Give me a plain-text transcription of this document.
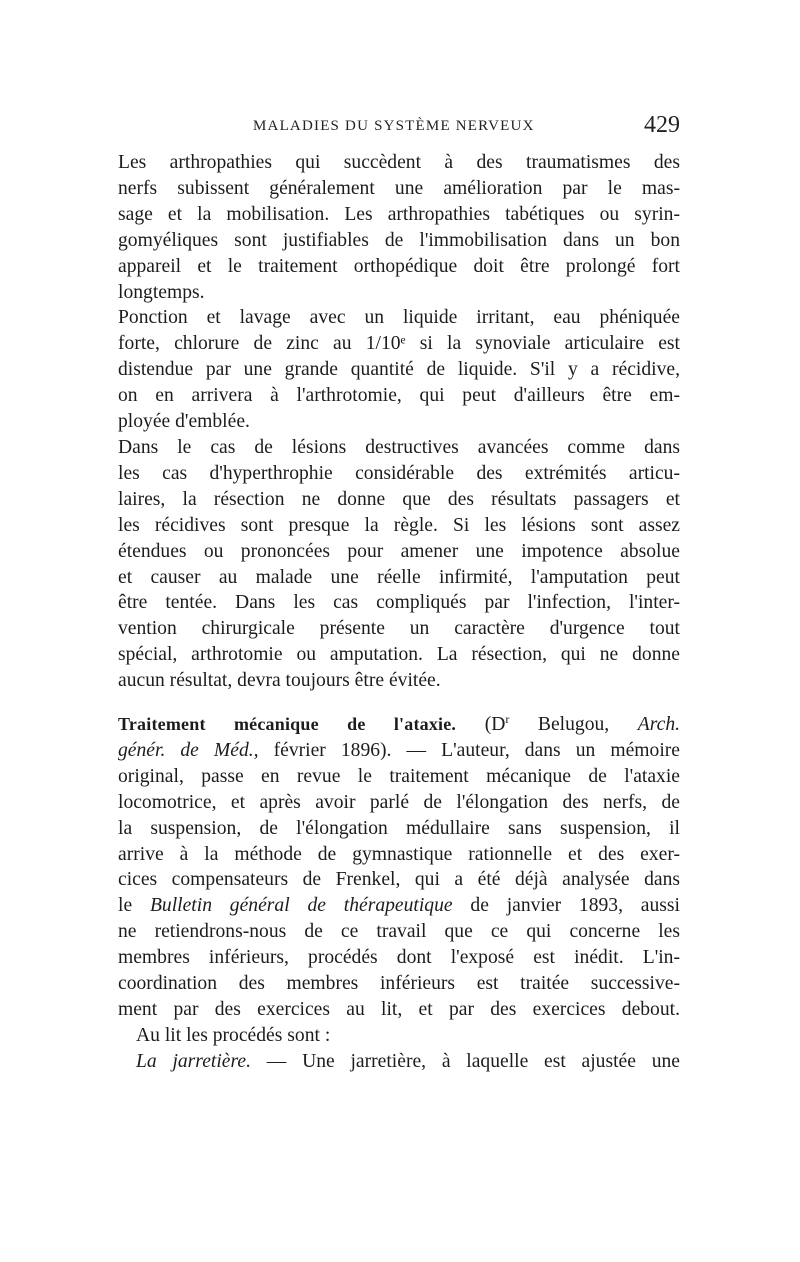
MALADIES DU SYSTÈME NERVEUX	429

Les arthropathies qui succèdent à des traumatismes des
nerfs subissent généralement une amélioration par le mas-
sage et la mobilisation. Les arthropathies tabétiques ou syrin-
gomyéliques sont justifiables de l'immobilisation dans un bon
appareil et le traitement orthopédique doit être prolongé fort
longtemps.

Ponction et lavage avec un liquide irritant, eau phéniquée
forte, chlorure de zinc au 1/10ᵉ si la synoviale articulaire est
distendue par une grande quantité de liquide. S'il y a récidive,
on en arrivera à l'arthrotomie, qui peut d'ailleurs être em-
ployée d'emblée.

Dans le cas de lésions destructives avancées comme dans
les cas d'hyperthrophie considérable des extrémités articu-
laires, la résection ne donne que des résultats passagers et
les récidives sont presque la règle. Si les lésions sont assez
étendues ou prononcées pour amener une impotence absolue
et causer au malade une réelle infirmité, l'amputation peut
être tentée. Dans les cas compliqués par l'infection, l'inter-
vention chirurgicale présente un caractère d'urgence tout
spécial, arthrotomie ou amputation. La résection, qui ne donne
aucun résultat, devra toujours être évitée.

Traitement mécanique de l'ataxie. ($D^r$ Belugou, Arch.
génér. de Méd., février 1896). — L'auteur, dans un mémoire
original, passe en revue le traitement mécanique de l'ataxie
locomotrice, et après avoir parlé de l'élongation des nerfs, de
la suspension, de l'élongation médullaire sans suspension, il
arrive à la méthode de gymnastique rationnelle et des exer-
cices compensateurs de Frenkel, qui a été déjà analysée dans
le Bulletin général de thérapeutique de janvier 1893, aussi
ne retiendrons-nous de ce travail que ce qui concerne les
membres inférieurs, procédés dont l'exposé est inédit. L'in-
coordination des membres inférieurs est traitée successive-
ment par des exercices au lit, et par des exercices debout.
Au lit les procédés sont :
La jarretière. — Une jarretière, à laquelle est ajustée une
